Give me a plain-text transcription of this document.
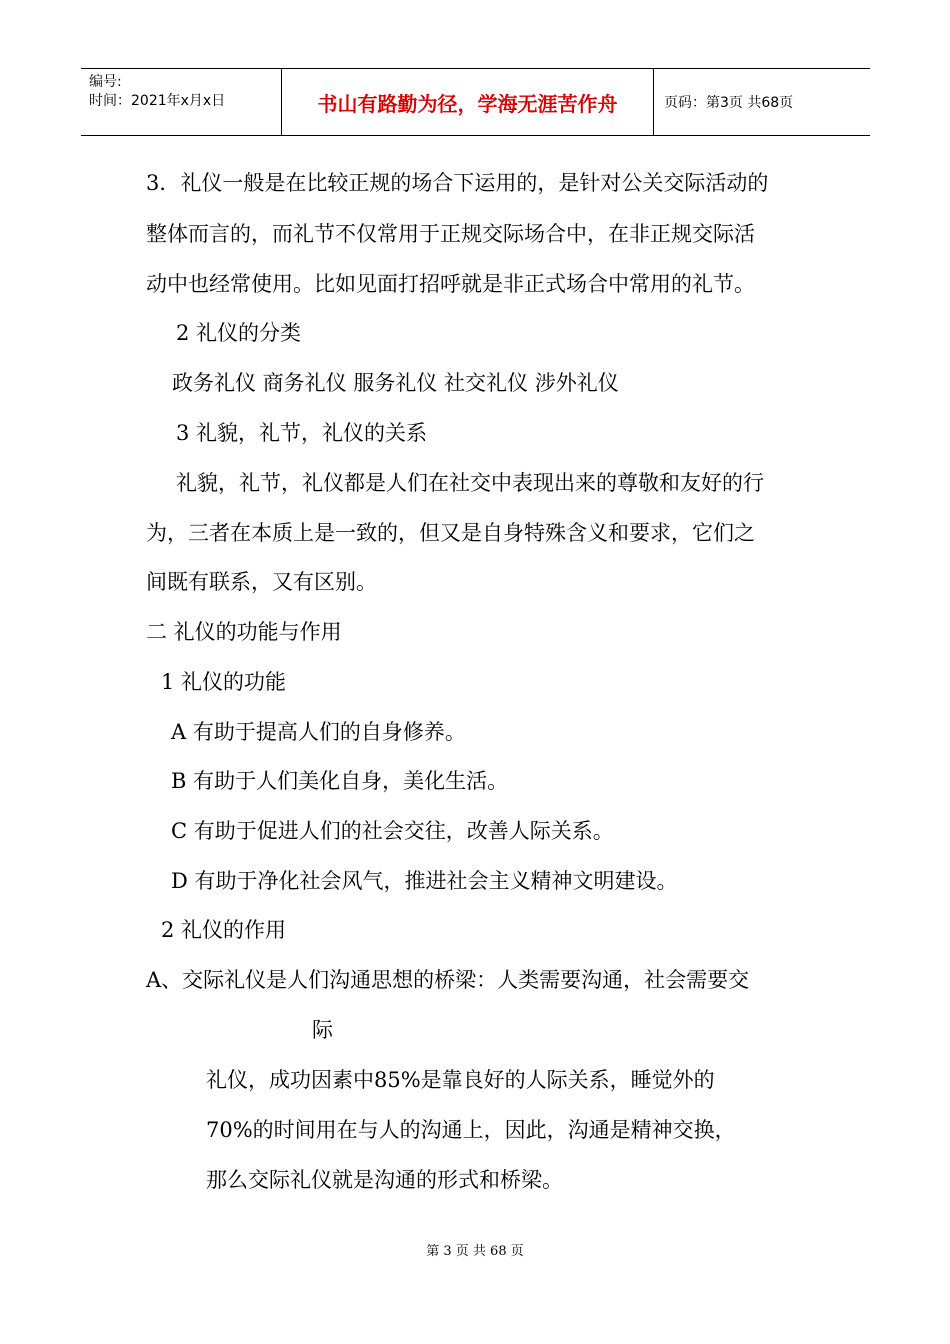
编号:
时间：2021年x月x日	书山有路勤为径，学海无涯苦作舟	页码：第3页 共68页
3．礼仪一般是在比较正规的场合下运用的，是针对公关交际活动的
整体而言的，而礼节不仅常用于正规交际场合中，在非正规交际活
动中也经常使用。比如见面打招呼就是非正式场合中常用的礼节。
2 礼仪的分类
政务礼仪 商务礼仪 服务礼仪 社交礼仪 涉外礼仪
3 礼貌，礼节，礼仪的关系
礼貌，礼节，礼仪都是人们在社交中表现出来的尊敬和友好的行
为，三者在本质上是一致的，但又是自身特殊含义和要求，它们之
间既有联系，又有区别。
二 礼仪的功能与作用
1 礼仪的功能
A 有助于提高人们的自身修养。
B 有助于人们美化自身，美化生活。
C 有助于促进人们的社会交往，改善人际关系。
D 有助于净化社会风气，推进社会主义精神文明建设。
2 礼仪的作用
A、交际礼仪是人们沟通思想的桥梁：人类需要沟通，社会需要交
际
礼仪，成功因素中85%是靠良好的人际关系，睡觉外的
70%的时间用在与人的沟通上，因此，沟通是精神交换，
那么交际礼仪就是沟通的形式和桥梁。
第 3 页 共 68 页
